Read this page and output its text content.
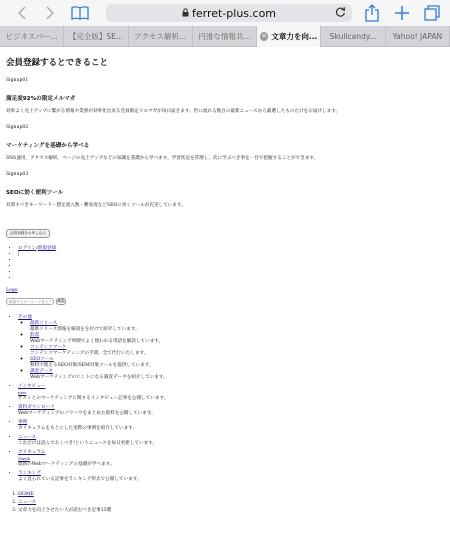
ferret-plus.com
ビジネスパー... 【完全版】SE... アクセス解析... 円滑な情報共... × 文章力を向... Skullcandy... Yahoo! JAPAN
会員登録するとできること
Signup01
満足度92%の限定メルマガ
効率よく売上アップに繋がる情報や業務が効率化出来る会員限定メルマガが毎日届きます。世に流れる数百の最新ニュースから厳選したものだけをお届けします。
Signup02
マーケティングを基礎から学べる
SNS運用、アクセス解析、ページの売上アップなどの知識を基礎から学べます。学習状況を管理し、次に学ぶべき事を一目で把握することができます。
Signup03
SEOに効く便利ツール
対策すべきキーワード・想定流入数・難易度などSEOに効くツールが充実しています。
会員登録をお申し込み
• ログイン/新規登録
• |
•
•
•
•
Logo
検索するキーワードを入力
検索
• その他
◦ 最新リリース
最新リリース情報を解説をを付けて紹介しています。
◦ 辞書
Webマーケティング界隈でよく使われる用語を解説しています。
◦ コンテンツマーケ
コンテンツマーケティングの手間、全て代行いたします。
◦ SEOツール
無料で使えるSEO対策/SEM対策ツールを提供しています。
◦ 調査データ
Webマーケティングのヒントになる調査データを紹介しています。
• インタビュー
new
ゲストとのマーケティングに関するインタビュー記事を公開しています。
• 資料ダウンロード
Webマーケティングのノウハウをまとめた資料を公開しています。
• 事例
カリキュラムをもとにした実際の事例を紹介しています。
• ニュース
これだけは読んでおくべき!というニュースを毎日更新しています。
• カリキュラム
check
最新のWebマーケティングの基礎が学べます。
• ランキング
よく見られている記事をランキング形式で公開しています。
1. HOME
2. ニュース
3. 文章力を向上させたい人が読むべき記事13選
